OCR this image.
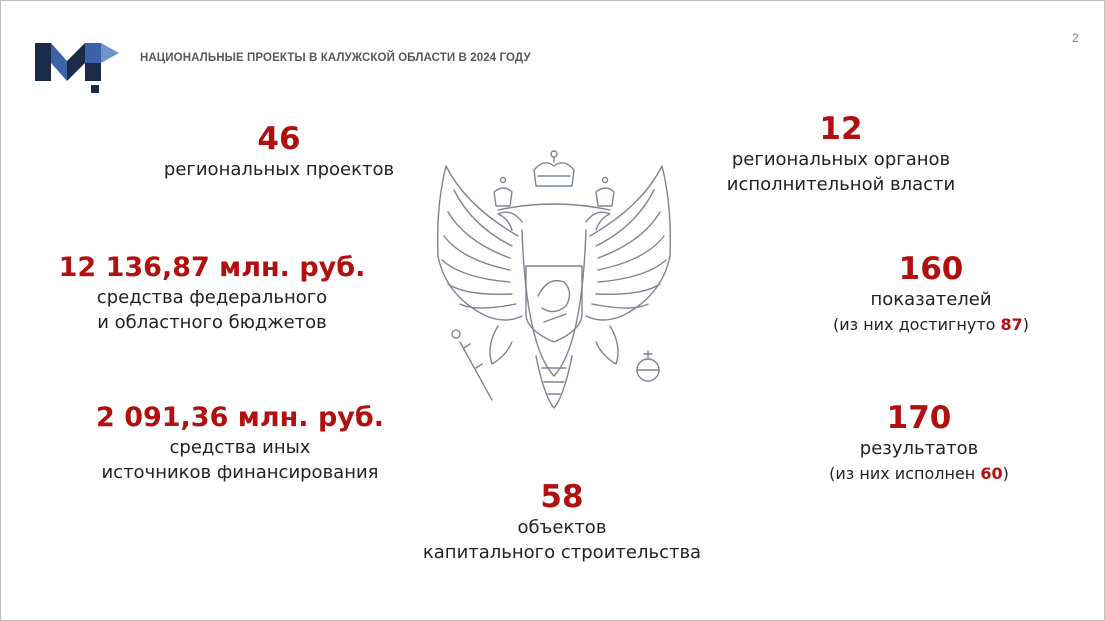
НАЦИОНАЛЬНЫЕ ПРОЕКТЫ В КАЛУЖСКОЙ ОБЛАСТИ В 2024 ГОДУ
2
46
региональных проектов
12 136,87 млн. руб.
средства федерального
и областного бюджетов
2 091,36 млн. руб.
средства иных
источников финансирования
12
региональных органов
исполнительной власти
160
показателей
(из них достигнуто 87)
170
результатов
(из них исполнен 60)
58
объектов
капитального строительства
